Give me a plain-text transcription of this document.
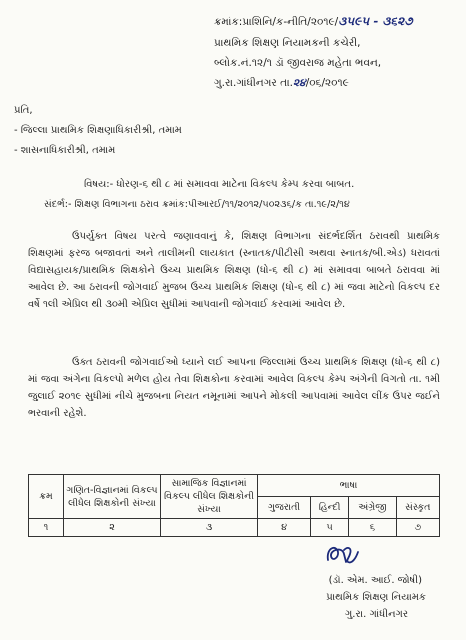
ક્રમાંક:પ્રાશિનિ/ક-નીતિ/૨૦૧૯/૩૫૯૫ - ૩૬૨૭
પ્રાથમિક શિક્ષણ નિયામકની કચેરી,
બ્લોક.નં.૧૨/૧ ડૉ જીવરાજ મહેતા ભવન,
ગુ.રા.ગાંધીનગર તા.૨૪/૦૬/૨૦૧૯
પ્રતિ,
- જિલ્લા પ્રાથમિક શિક્ષણાધિકારીશ્રી, તમામ
- શાસનાધિકારીશ્રી, તમામ
વિષય:- ધોરણ-૬ થી ૮ માં સમાવવા માટેના વિકલ્પ કેમ્પ કરવા બાબત.
સંદર્ભ:- શિક્ષણ વિભાગના ઠરાવ ક્રમાંક:પીઆરઈ/૧૧/૨૦૧૨/૫૦૨૩૬/ક તા.૧૯/૨/૧૪
ઉપર્યુક્ત વિષય પરત્વે જણાવવાનું કે, શિક્ષણ વિભાગના સંદર્ભદર્શિત ઠરાવથી પ્રાથમિક શિક્ષણમાં ફરજ બજાવતાં અને તાલીમની લાયકાત (સ્નાતક/પીટીસી અથવા સ્નાતક/બી.એડ) ધરાવતાં વિદ્યાસહાયક/પ્રાથમિક શિક્ષકોને ઉચ્ચ પ્રાથમિક શિક્ષણ (ધો-૬ થી ૮) માં સમાવવા બાબતે ઠરાવવા માં આવેલ છે. આ ઠરાવની જોગવાઈ મુજબ ઉચ્ચ પ્રાથમિક શિક્ષણ (ધો-૬ થી ૮) માં જવા માટેનો વિકલ્પ દર વર્ષે ૧લી એપ્રિલ થી ૩૦મી એપ્રિલ સુધીમાં આપવાની જોગવાઈ કરવામાં આવેલ છે.
ઉક્ત ઠરાવની જોગવાઈઓ ધ્યાને લઈ આપના જિલ્લામાં ઉચ્ચ પ્રાથમિક શિક્ષણ (ધો-૬ થી ૮) માં જવા અંગેના વિકલ્પો મળેલ હોય તેવા શિક્ષકોના કરવામાં આવેલ વિકલ્પ કેમ્પ અંગેની વિગતો તા. ૧મી જુલાઈ ૨૦૧૯ સુધીમાં નીચે મુજબના નિયત નમૂનામાં આપને મોકલી આપવામાં આવેલ લીંક ઉપર જઈને ભરવાની રહેશે.
ક્રમ	ગણિત-વિજ્ઞાનમાં વિકલ્પ લીધેલ શિક્ષકોની સંખ્યા	સામાજિક વિજ્ઞાનમાં વિકલ્પ લીધેલ શિક્ષકોની સંખ્યા	ભાષા			
			ગુજરાતી	હિન્દી	અંગ્રેજી	સંસ્કૃત
૧	૨	૩	૪	૫	૬	૭
(ડૉ. એમ. આઈ. જોષી)
પ્રાથમિક શિક્ષણ નિયામક
ગુ.રા. ગાંધીનગર
